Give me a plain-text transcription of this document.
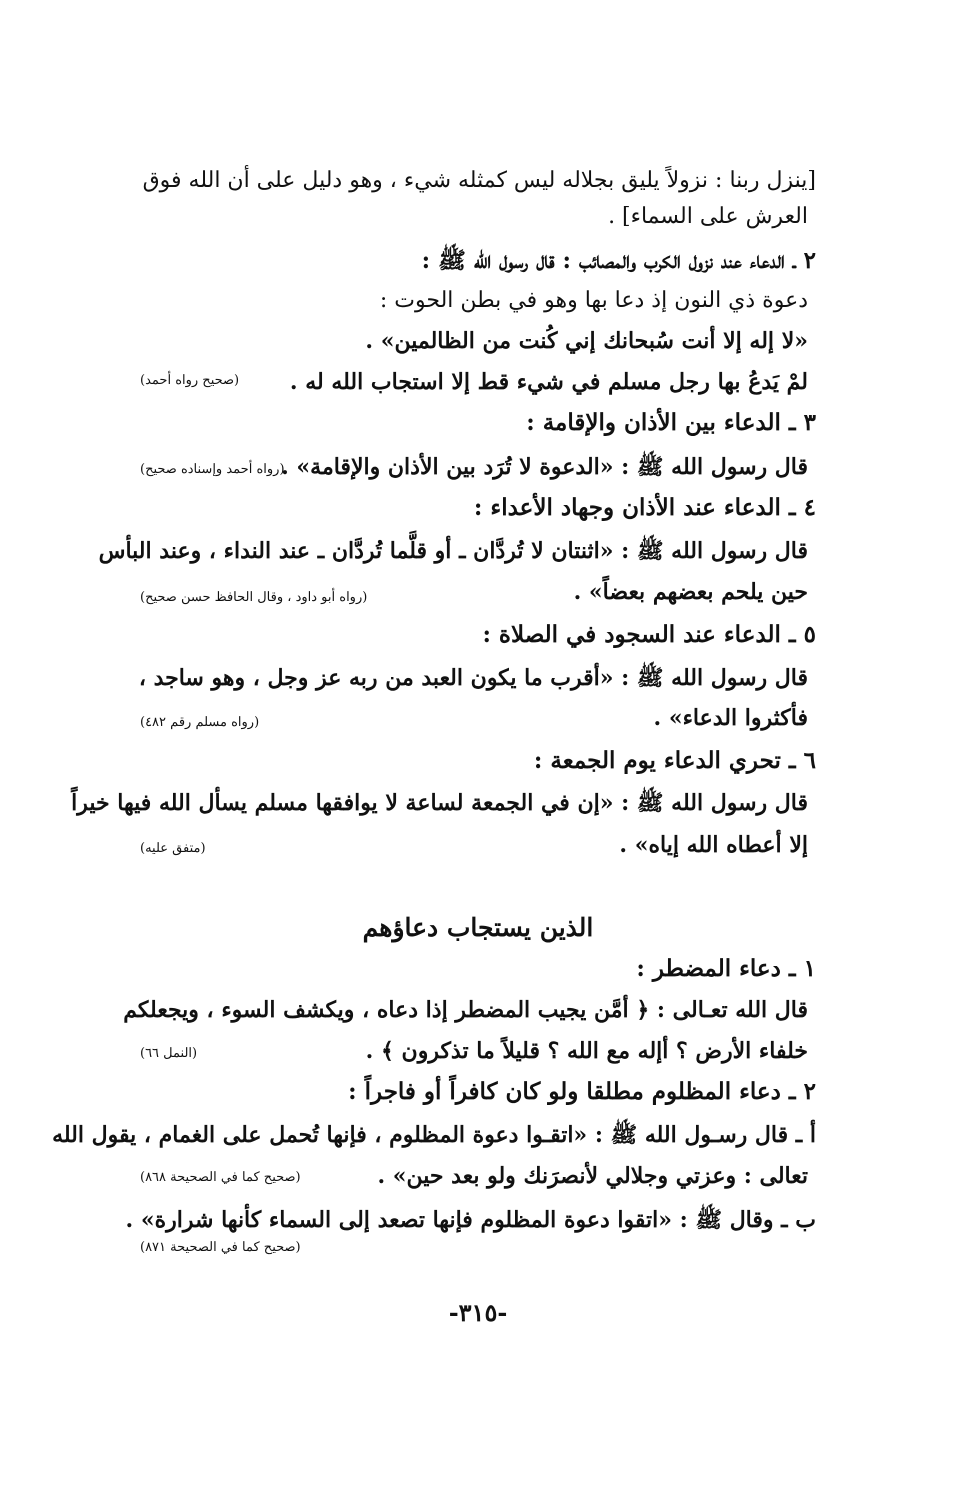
[ينزل ربنا : نزولاً يليق بجلاله ليس كمثله شيء ، وهو دليل على أن الله فوق
العرش على السماء] .
٢ ـ الدعاء عند نزول الكرب والمصائب : قال رسول الله ﷺ :
دعوة ذي النون إذ دعا بها وهو في بطن الحوت :
«لا إله إلا أنت سُبحانك إني كُنت من الظالمين» .
لمْ يَدعُ بها رجل مسلم في شيء قط إلا استجاب الله له .
(صحيح رواه أحمد)
٣ ـ الدعاء بين الأذان والإقامة :
قال رسول الله ﷺ : «الدعوة لا تُرَد بين الأذان والإقامة» .
(رواه أحمد وإسناده صحيح)
٤ ـ الدعاء عند الأذان وجهاد الأعداء :
قال رسول الله ﷺ : «اثنتان لا تُردَّان ـ أو قلَّما تُردَّان ـ عند النداء ، وعند البأس
حين يلحم بعضهم بعضاً» .
(رواه أبو داود ، وقال الحافظ حسن صحيح)
٥ ـ الدعاء عند السجود في الصلاة :
قال رسول الله ﷺ : «أقرب ما يكون العبد من ربه عز وجل ، وهو ساجد ،
فأكثروا الدعاء» .
(رواه مسلم رقم ٤٨٢)
٦ ـ تحري الدعاء يوم الجمعة :
قال رسول الله ﷺ : «إن في الجمعة لساعة لا يوافقها مسلم يسأل الله فيها خيراً
إلا أعطاه الله إياه» .
(متفق عليه)
الذين يستجاب دعاؤهم
١ ـ دعاء المضطر :
قال الله تعـالى : ﴿ أمَّن يجيب المضطر إذا دعاه ، ويكشف السوء ، ويجعلكم
خلفاء الأرض ؟ أإله مع الله ؟ قليلاً ما تذكرون ﴾ .
(النمل ٦٦)
٢ ـ دعاء المظلوم مطلقا ولو كان كافراً أو فاجراً :
أ ـ قال رسـول الله ﷺ : «اتقـوا دعوة المظلوم ، فإنها تُحمل على الغمام ، يقول الله
تعالى : وعزتي وجلالي لأنصرَنك ولو بعد حين» .
(صحيح كما في الصحيحة ٨٦٨)
ب ـ وقال ﷺ : «اتقوا دعوة المظلوم فإنها تصعد إلى السماء كأنها شرارة» .
(صحيح كما في الصحيحة ٨٧١)
-٣١٥-
